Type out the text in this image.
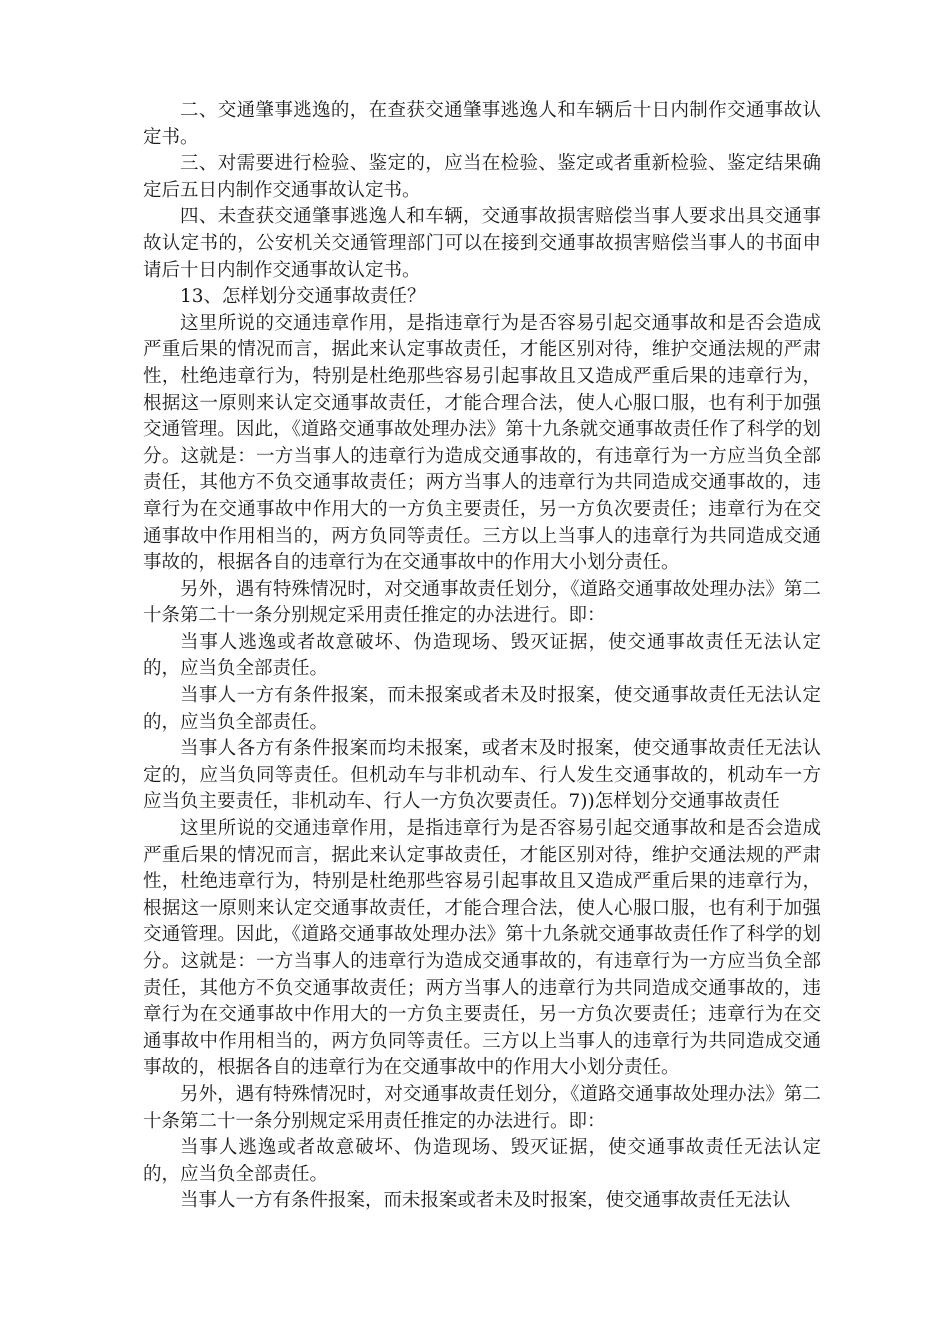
二、交通肇事逃逸的，在查获交通肇事逃逸人和车辆后十日内制作交通事故认定书。

三、对需要进行检验、鉴定的，应当在检验、鉴定或者重新检验、鉴定结果确定后五日内制作交通事故认定书。

四、未查获交通肇事逃逸人和车辆，交通事故损害赔偿当事人要求出具交通事故认定书的，公安机关交通管理部门可以在接到交通事故损害赔偿当事人的书面申请后十日内制作交通事故认定书。

13、怎样划分交通事故责任？

这里所说的交通违章作用，是指违章行为是否容易引起交通事故和是否会造成严重后果的情况而言，据此来认定事故责任，才能区别对待，维护交通法规的严肃性，杜绝违章行为，特别是杜绝那些容易引起事故且又造成严重后果的违章行为，根据这一原则来认定交通事故责任，才能合理合法，使人心服口服，也有利于加强交通管理。因此，《道路交通事故处理办法》第十九条就交通事故责任作了科学的划分。这就是：一方当事人的违章行为造成交通事故的，有违章行为一方应当负全部责任，其他方不负交通事故责任；两方当事人的违章行为共同造成交通事故的，违章行为在交通事故中作用大的一方负主要责任，另一方负次要责任；违章行为在交通事故中作用相当的，两方负同等责任。三方以上当事人的违章行为共同造成交通事故的，根据各自的违章行为在交通事故中的作用大小划分责任。

另外，遇有特殊情况时，对交通事故责任划分，《道路交通事故处理办法》第二十条第二十一条分别规定采用责任推定的办法进行。即：

当事人逃逸或者故意破坏、伪造现场、毁灭证据，使交通事故责任无法认定的，应当负全部责任。

当事人一方有条件报案，而未报案或者未及时报案，使交通事故责任无法认定的，应当负全部责任。

当事人各方有条件报案而均未报案，或者末及时报案，使交通事故责任无法认定的，应当负同等责任。但机动车与非机动车、行人发生交通事故的，机动车一方应当负主要责任，非机动车、行人一方负次要责任。7))怎样划分交通事故责任

这里所说的交通违章作用，是指违章行为是否容易引起交通事故和是否会造成严重后果的情况而言，据此来认定事故责任，才能区别对待，维护交通法规的严肃性，杜绝违章行为，特别是杜绝那些容易引起事故且又造成严重后果的违章行为，根据这一原则来认定交通事故责任，才能合理合法，使人心服口服，也有利于加强交通管理。因此，《道路交通事故处理办法》第十九条就交通事故责任作了科学的划分。这就是：一方当事人的违章行为造成交通事故的，有违章行为一方应当负全部责任，其他方不负交通事故责任；两方当事人的违章行为共同造成交通事故的，违章行为在交通事故中作用大的一方负主要责任，另一方负次要责任；违章行为在交通事故中作用相当的，两方负同等责任。三方以上当事人的违章行为共同造成交通事故的，根据各自的违章行为在交通事故中的作用大小划分责任。

另外，遇有特殊情况时，对交通事故责任划分，《道路交通事故处理办法》第二十条第二十一条分别规定采用责任推定的办法进行。即：

当事人逃逸或者故意破坏、伪造现场、毁灭证据，使交通事故责任无法认定的，应当负全部责任。

当事人一方有条件报案，而未报案或者未及时报案，使交通事故责任无法认
